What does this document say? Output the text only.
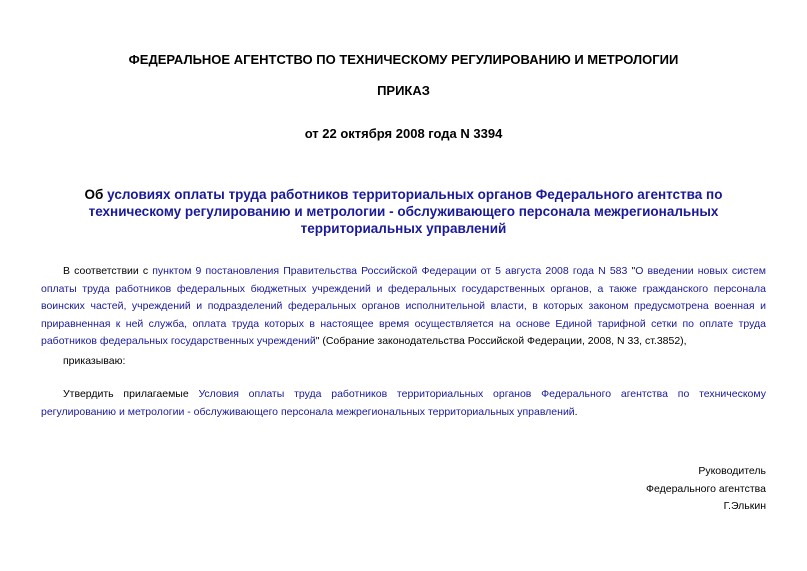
ФЕДЕРАЛЬНОЕ АГЕНТСТВО ПО ТЕХНИЧЕСКОМУ РЕГУЛИРОВАНИЮ И МЕТРОЛОГИИ
ПРИКАЗ
от 22 октября 2008 года N 3394
Об условиях оплаты труда работников территориальных органов Федерального агентства по техническому регулированию и метрологии - обслуживающего персонала межрегиональных территориальных управлений
В соответствии с пунктом 9 постановления Правительства Российской Федерации от 5 августа 2008 года N 583 "О введении новых систем оплаты труда работников федеральных бюджетных учреждений и федеральных государственных органов, а также гражданского персонала воинских частей, учреждений и подразделений федеральных органов исполнительной власти, в которых законом предусмотрена военная и приравненная к ней служба, оплата труда которых в настоящее время осуществляется на основе Единой тарифной сетки по оплате труда работников федеральных государственных учреждений" (Собрание законодательства Российской Федерации, 2008, N 33, ст.3852),
приказываю:
Утвердить прилагаемые Условия оплаты труда работников территориальных органов Федерального агентства по техническому регулированию и метрологии - обслуживающего персонала межрегиональных территориальных управлений.
Руководитель
Федерального агентства
Г.Элькин
